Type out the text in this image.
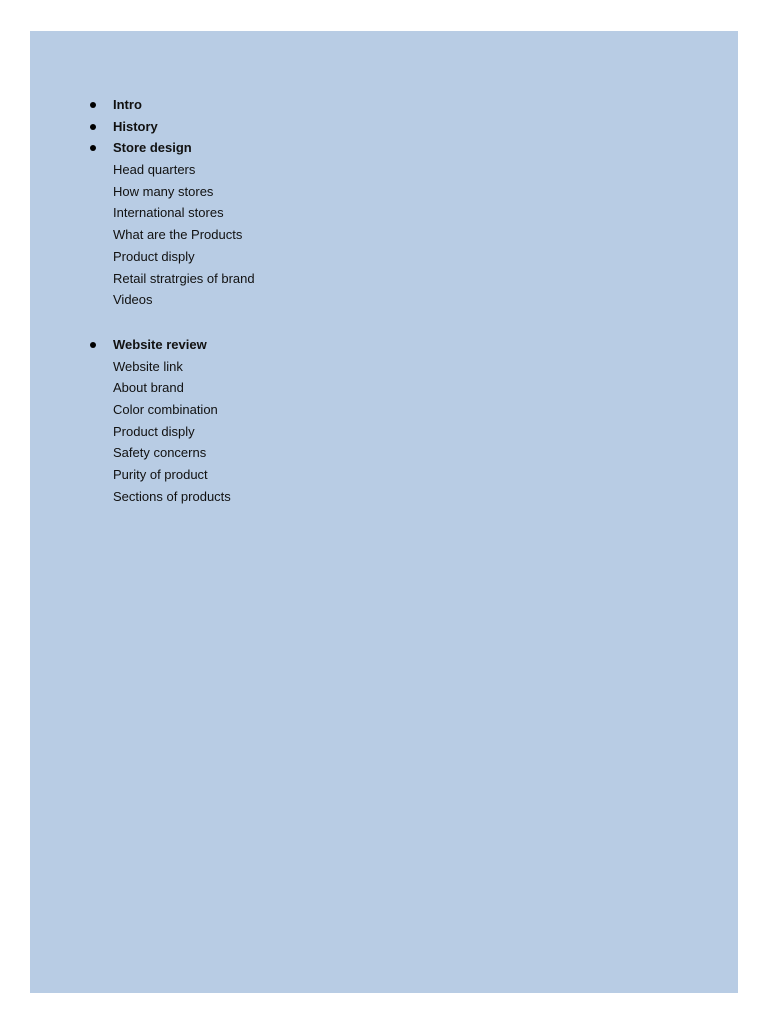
Intro
History
Store design
Head quarters
How many stores
International stores
What are the Products
Product disply
Retail stratrgies of brand
Videos
Website review
Website link
About brand
Color combination
Product disply
Safety concerns
Purity of product
Sections of products
